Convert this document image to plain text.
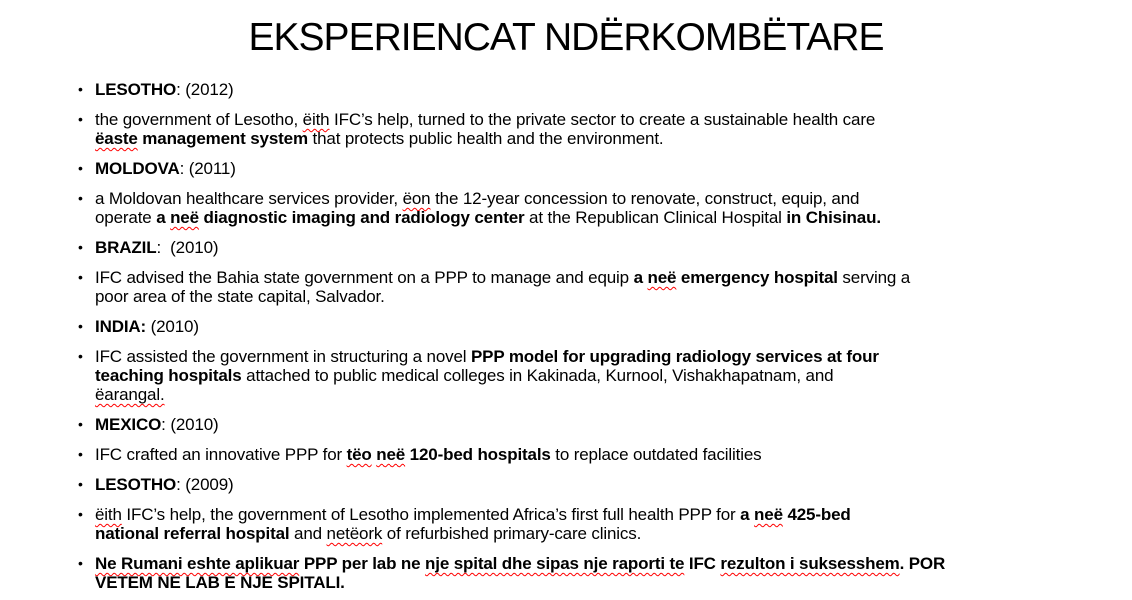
EKSPERIENCAT NDËRKOMBËTARE
• LESOTHO: (2012)
• the government of Lesotho, ëith IFC’s help, turned to the private sector to create a sustainable health care
ëaste management system that protects public health and the environment.
• MOLDOVA: (2011)
• a Moldovan healthcare services provider, ëon the 12-year concession to renovate, construct, equip, and
operate a neë diagnostic imaging and radiology center at the Republican Clinical Hospital in Chisinau.
• BRAZIL:  (2010)
• IFC advised the Bahia state government on a PPP to manage and equip a neë emergency hospital serving a
poor area of the state capital, Salvador.
• INDIA: (2010)
• IFC assisted the government in structuring a novel PPP model for upgrading radiology services at four
teaching hospitals attached to public medical colleges in Kakinada, Kurnool, Vishakhapatnam, and
ëarangal.
• MEXICO: (2010)
• IFC crafted an innovative PPP for tëo neë 120-bed hospitals to replace outdated facilities
• LESOTHO: (2009)
• ëith IFC’s help, the government of Lesotho implemented Africa’s first full health PPP for a neë 425-bed
national referral hospital and netëork of refurbished primary-care clinics.
• Ne Rumani eshte aplikuar PPP per lab ne nje spital dhe sipas nje raporti te IFC rezulton i suksesshem. POR
VETEM NE LAB E NJE SPITALI.
